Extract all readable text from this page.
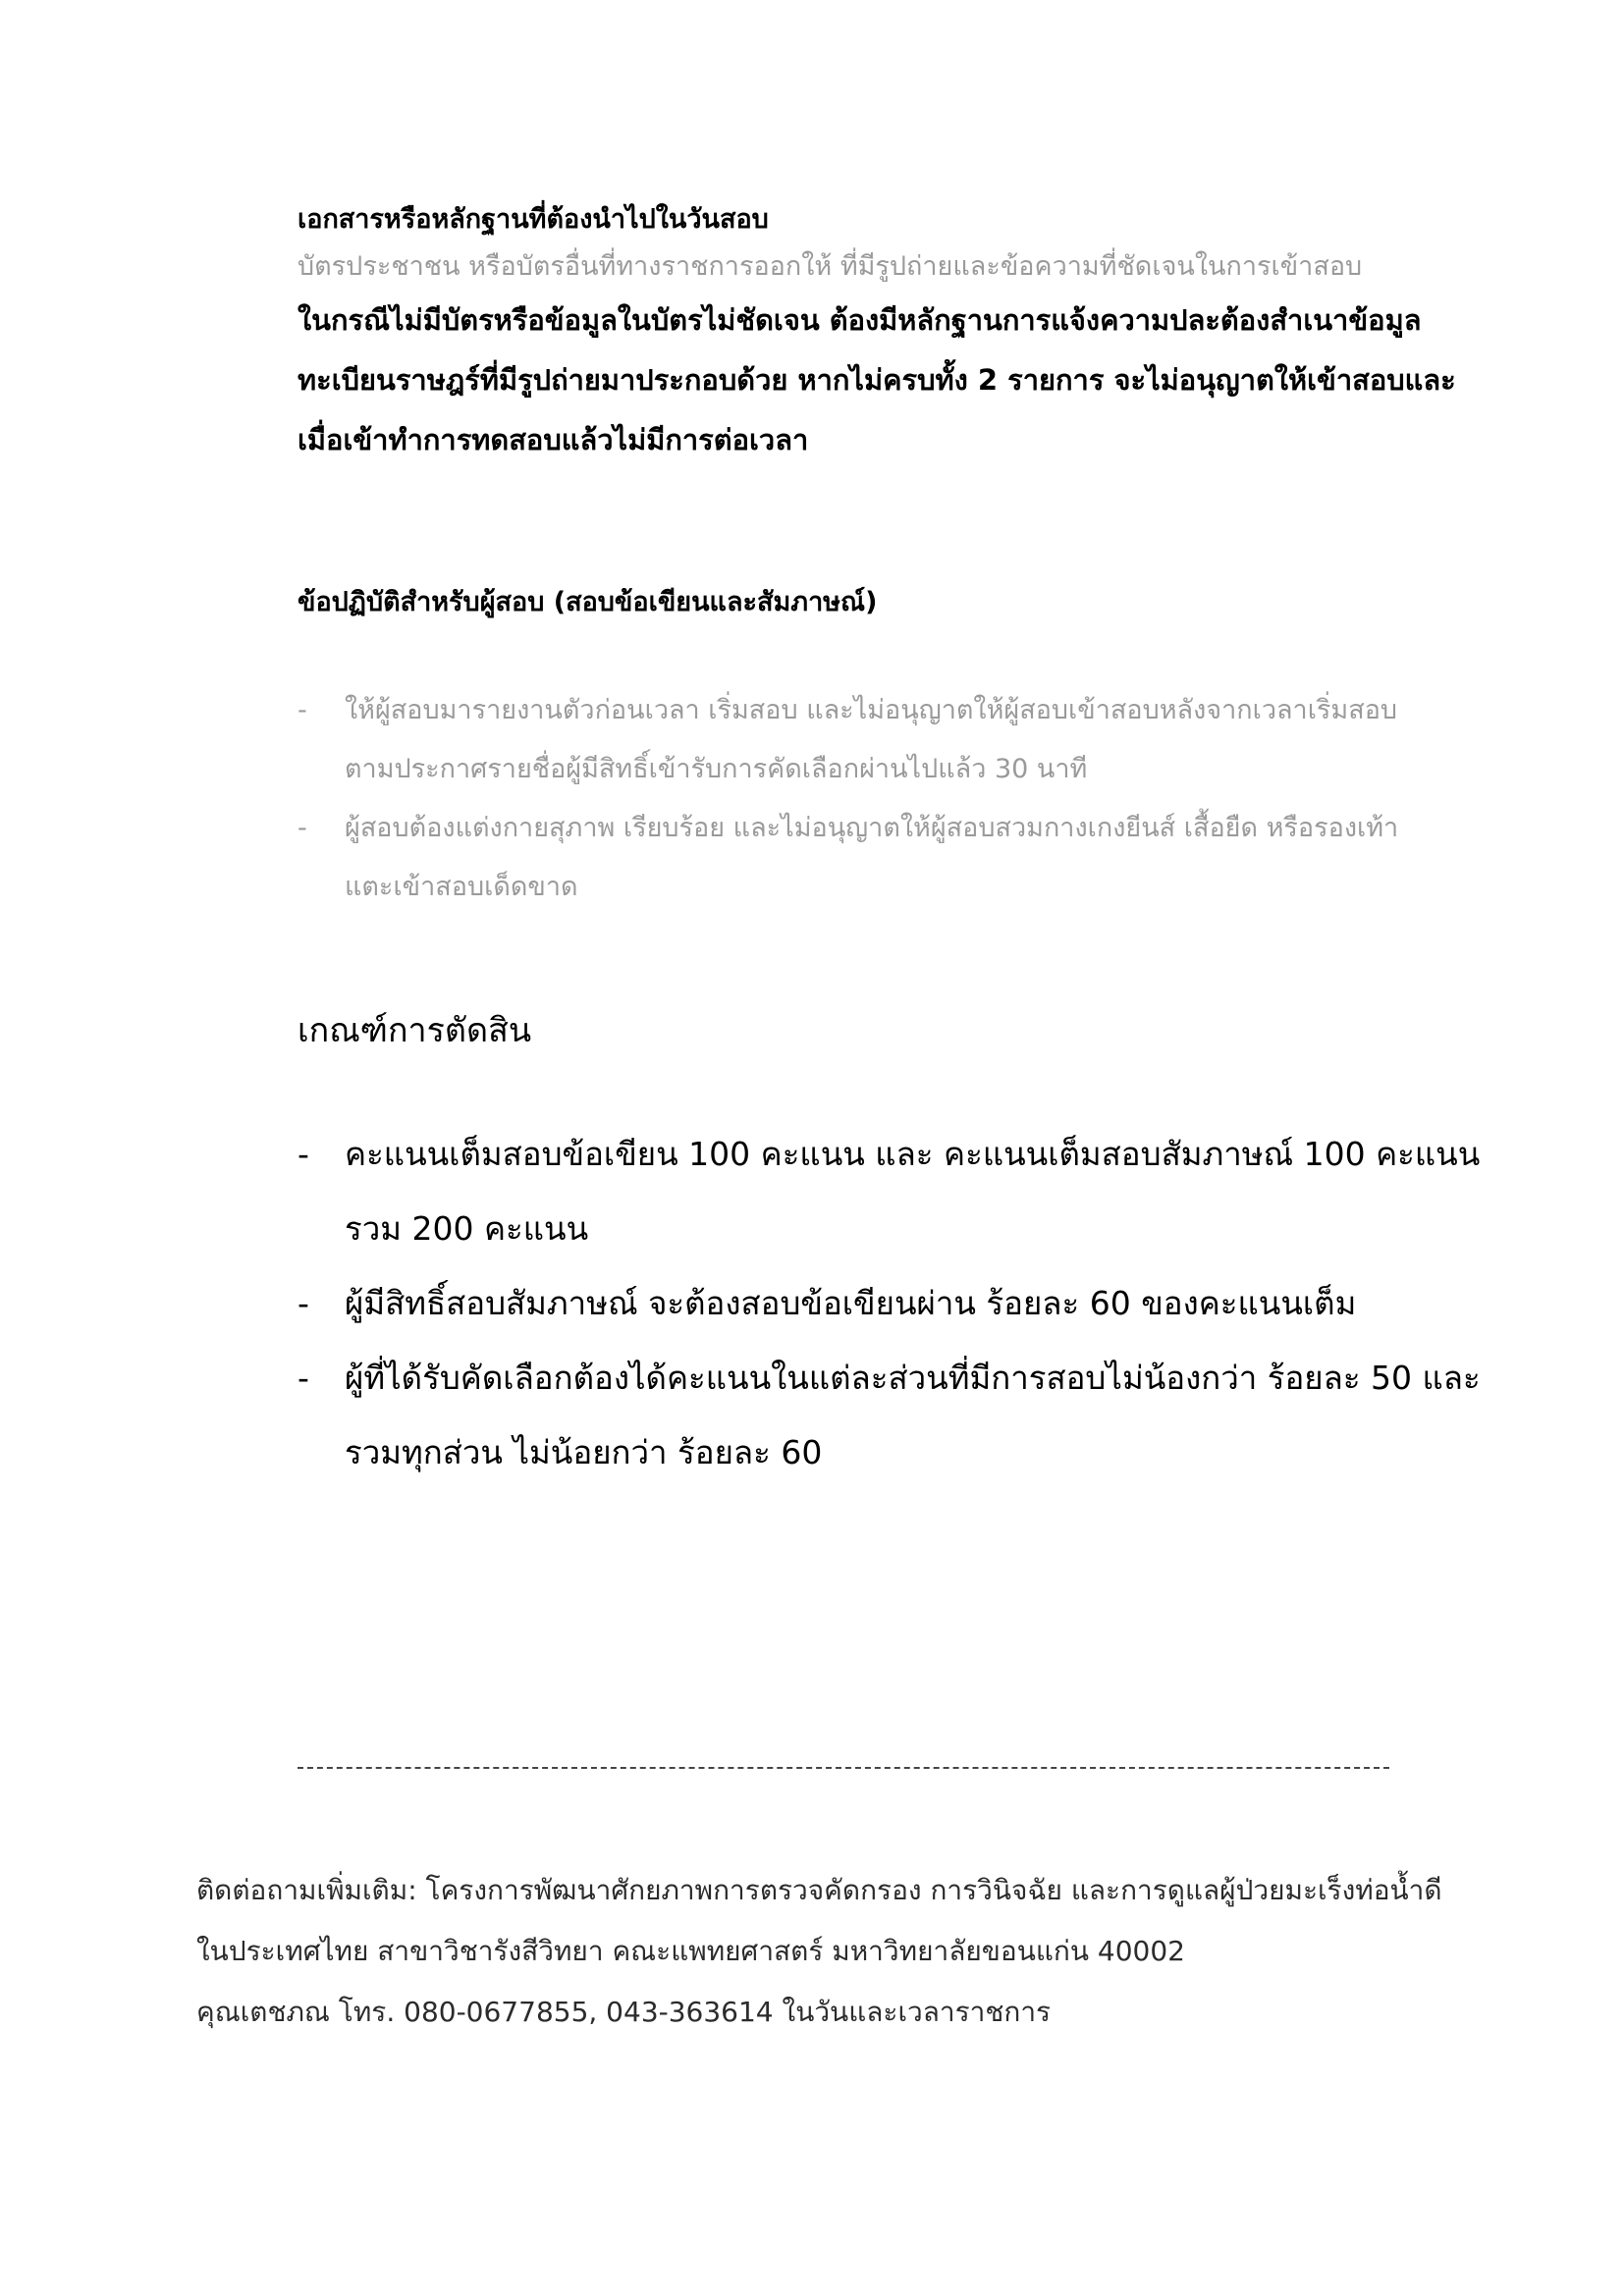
เอกสารหรือหลักฐานที่ต้องนำไปในวันสอบ

บัตรประชาชน หรือบัตรอื่นที่ทางราชการออกให้ ที่มีรูปถ่ายและข้อความที่ชัดเจนในการเข้าสอบ

ในกรณีไม่มีบัตรหรือข้อมูลในบัตรไม่ชัดเจน ต้องมีหลักฐานการแจ้งความปละต้องสำเนาข้อมูล

ทะเบียนราษฎร์ที่มีรูปถ่ายมาประกอบด้วย หากไม่ครบทั้ง 2 รายการ จะไม่อนุญาตให้เข้าสอบและ

เมื่อเข้าทำการทดสอบแล้วไม่มีการต่อเวลา

ข้อปฏิบัติสำหรับผู้สอบ (สอบข้อเขียนและสัมภาษณ์)

- ให้ผู้สอบมารายงานตัวก่อนเวลา เริ่มสอบ และไม่อนุญาตให้ผู้สอบเข้าสอบหลังจากเวลาเริ่มสอบ

ตามประกาศรายชื่อผู้มีสิทธิ์เข้ารับการคัดเลือกผ่านไปแล้ว 30 นาที

- ผู้สอบต้องแต่งกายสุภาพ เรียบร้อย และไม่อนุญาตให้ผู้สอบสวมกางเกงยีนส์ เสื้อยืด หรือรองเท้า

แตะเข้าสอบเด็ดขาด

เกณฑ์การตัดสิน

- คะแนนเต็มสอบข้อเขียน 100 คะแนน และ คะแนนเต็มสอบสัมภาษณ์ 100 คะแนน

รวม 200 คะแนน

- ผู้มีสิทธิ์สอบสัมภาษณ์ จะต้องสอบข้อเขียนผ่าน ร้อยละ 60 ของคะแนนเต็ม

- ผู้ที่ได้รับคัดเลือกต้องได้คะแนนในแต่ละส่วนที่มีการสอบไม่น้องกว่า ร้อยละ 50 และ

รวมทุกส่วน ไม่น้อยกว่า ร้อยละ 60

ติดต่อถามเพิ่มเติม: โครงการพัฒนาศักยภาพการตรวจคัดกรอง การวินิจฉัย และการดูแลผู้ป่วยมะเร็งท่อน้ำดี

ในประเทศไทย สาขาวิชารังสีวิทยา คณะแพทยศาสตร์ มหาวิทยาลัยขอนแก่น 40002

คุณเตชภณ โทร. 080-0677855, 043-363614 ในวันและเวลาราชการ
